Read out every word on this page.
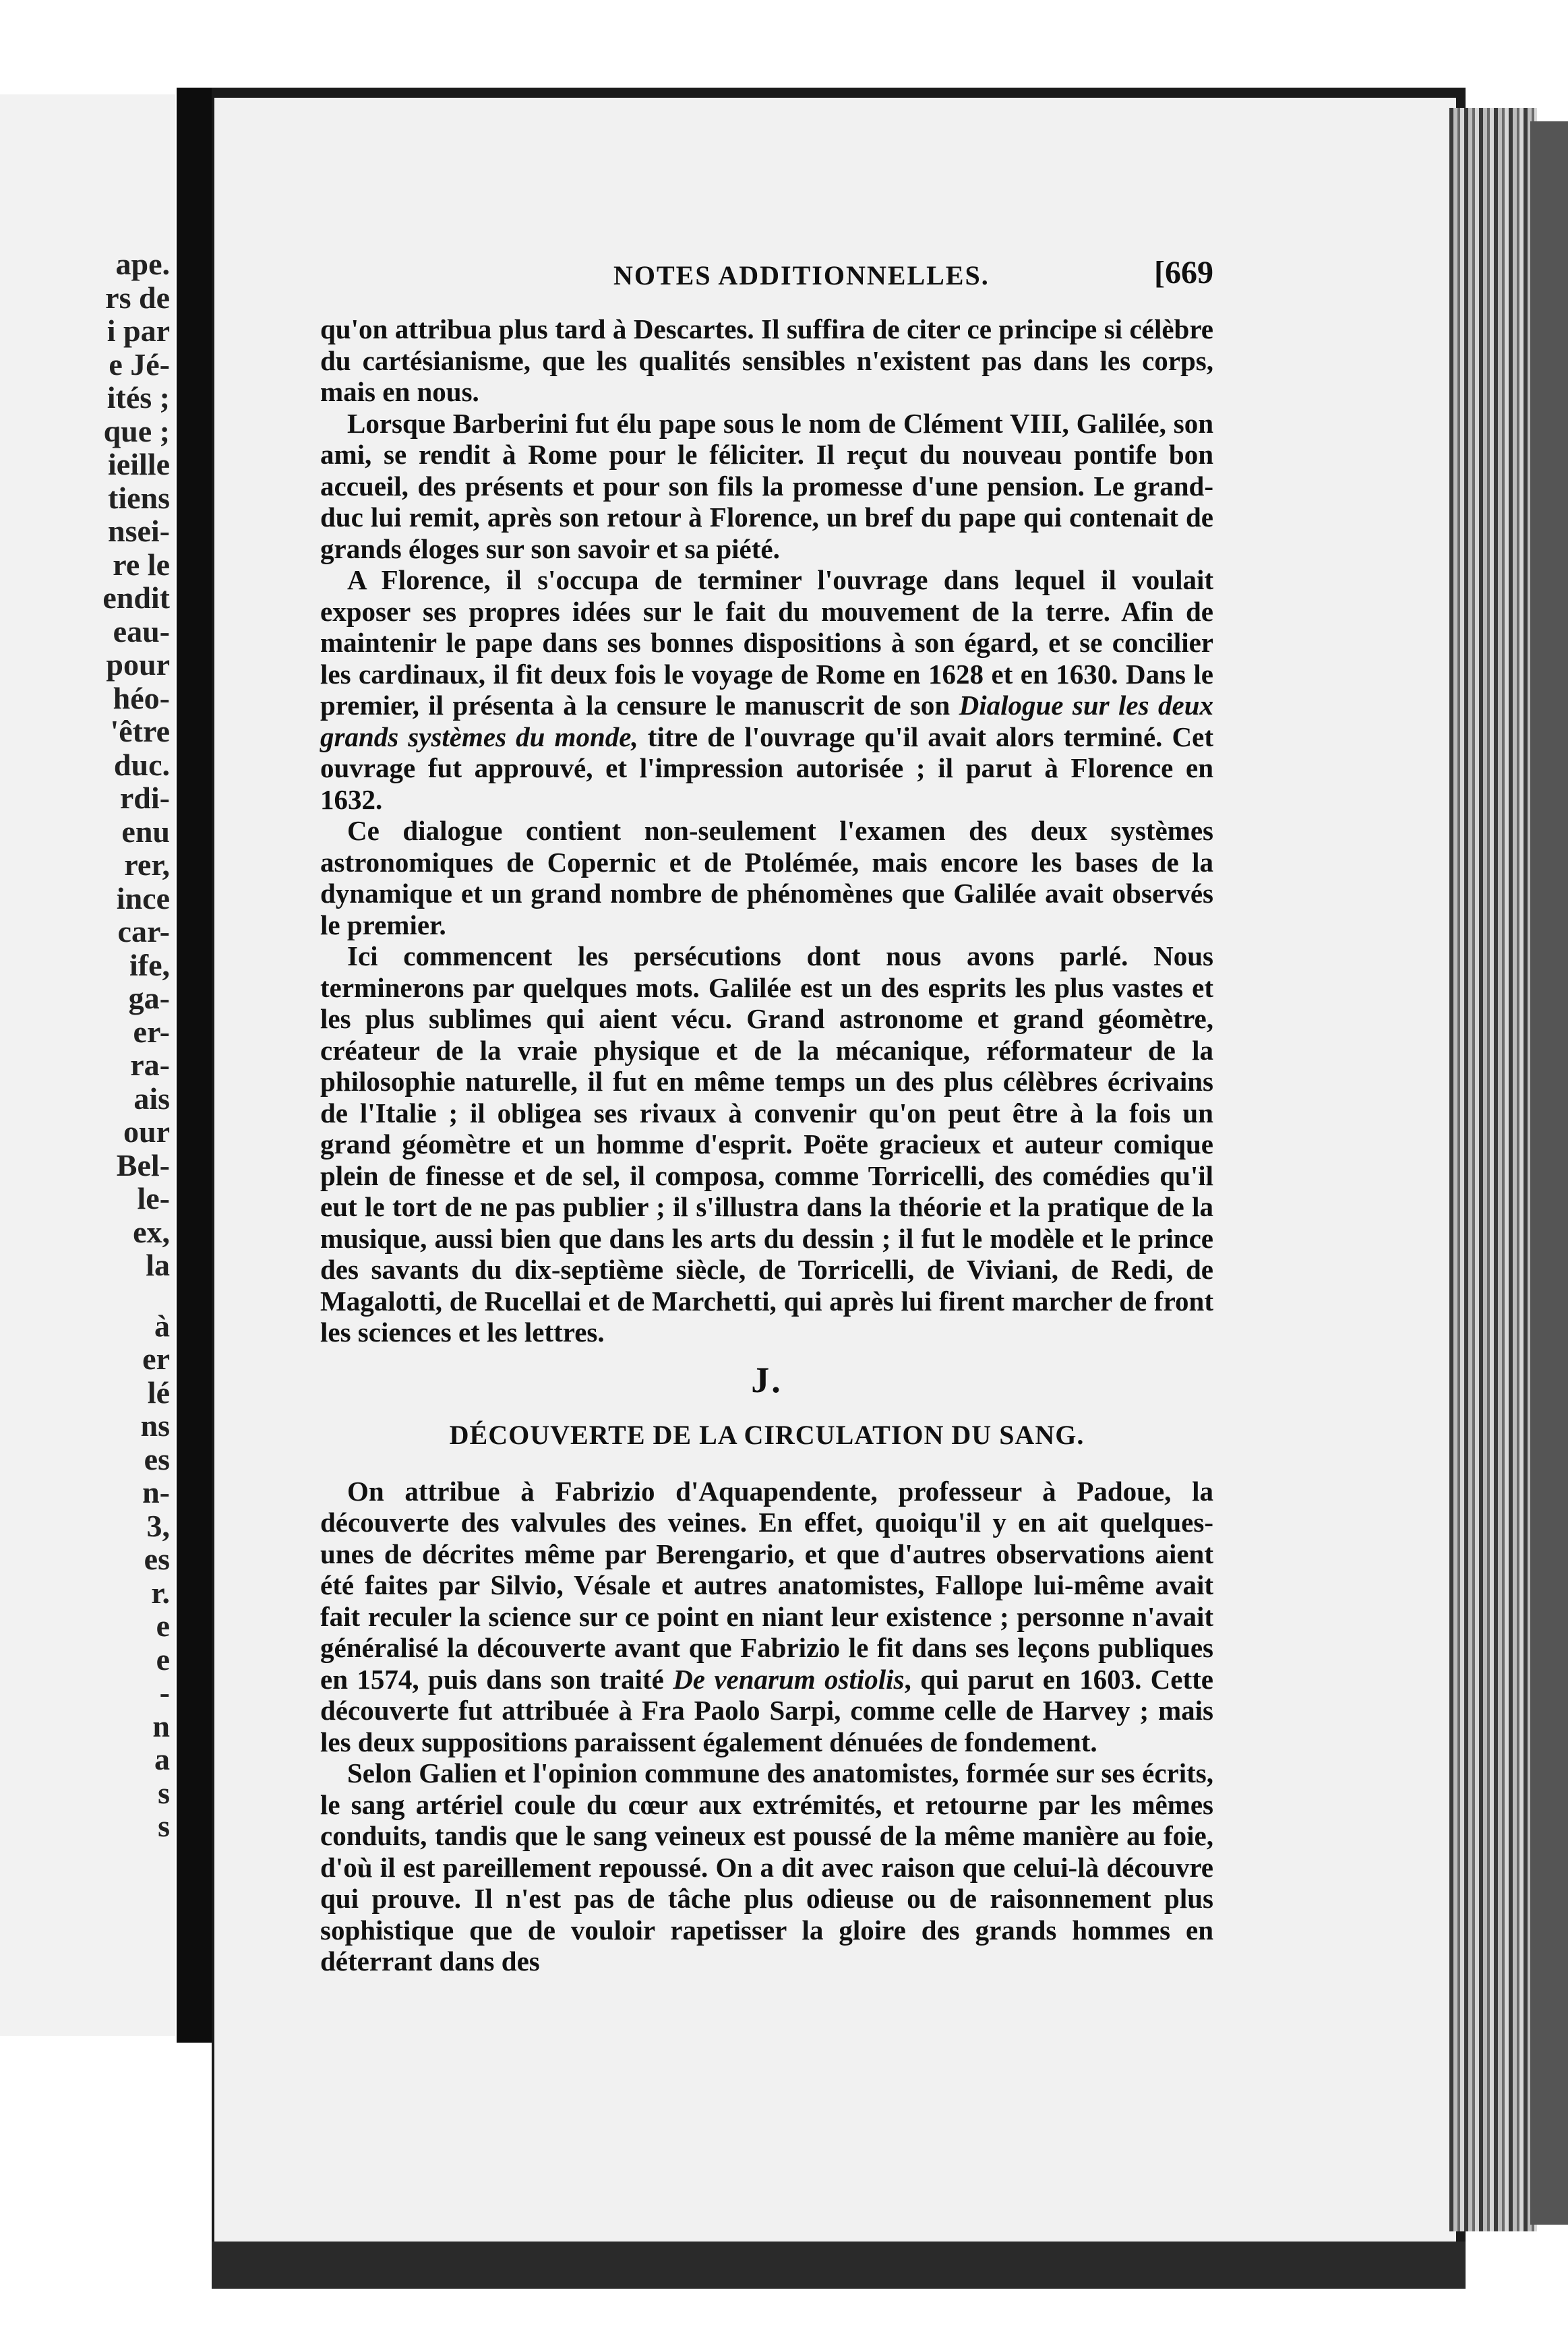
ape.
rs de
i par
e Jé-
ités ;
que ;
ieille
tiens
nsei-
re le
endit
eau-
pour
héo-
'être
duc.
rdi-
enu
rer,
ince
car-
ife,
ga-
er-
ra-
ais
our
Bel-
le-
ex,
la
à
er
lé
ns
es
n-
3,
es
r.
e
e
-
n
a
s
s
NOTES ADDITIONNELLES.	[669

qu'on attribua plus tard à Descartes. Il suffira de citer ce principe si célèbre du cartésianisme, que les qualités sensibles n'existent pas dans les corps, mais en nous.

Lorsque Barberini fut élu pape sous le nom de Clément VIII, Galilée, son ami, se rendit à Rome pour le féliciter. Il reçut du nouveau pontife bon accueil, des présents et pour son fils la promesse d'une pension. Le grand-duc lui remit, après son retour à Florence, un bref du pape qui contenait de grands éloges sur son savoir et sa piété.

A Florence, il s'occupa de terminer l'ouvrage dans lequel il voulait exposer ses propres idées sur le fait du mouvement de la terre. Afin de maintenir le pape dans ses bonnes dispositions à son égard, et se concilier les cardinaux, il fit deux fois le voyage de Rome en 1628 et en 1630. Dans le premier, il présenta à la censure le manuscrit de son Dialogue sur les deux grands systèmes du monde, titre de l'ouvrage qu'il avait alors terminé. Cet ouvrage fut approuvé, et l'impression autorisée ; il parut à Florence en 1632.

Ce dialogue contient non-seulement l'examen des deux systèmes astronomiques de Copernic et de Ptolémée, mais encore les bases de la dynamique et un grand nombre de phénomènes que Galilée avait observés le premier.

Ici commencent les persécutions dont nous avons parlé. Nous terminerons par quelques mots. Galilée est un des esprits les plus vastes et les plus sublimes qui aient vécu. Grand astronome et grand géomètre, créateur de la vraie physique et de la mécanique, réformateur de la philosophie naturelle, il fut en même temps un des plus célèbres écrivains de l'Italie ; il obligea ses rivaux à convenir qu'on peut être à la fois un grand géomètre et un homme d'esprit. Poëte gracieux et auteur comique plein de finesse et de sel, il composa, comme Torricelli, des comédies qu'il eut le tort de ne pas publier ; il s'illustra dans la théorie et la pratique de la musique, aussi bien que dans les arts du dessin ; il fut le modèle et le prince des savants du dix-septième siècle, de Torricelli, de Viviani, de Redi, de Magalotti, de Rucellai et de Marchetti, qui après lui firent marcher de front les sciences et les lettres.

J.
DÉCOUVERTE DE LA CIRCULATION DU SANG.

On attribue à Fabrizio d'Aquapendente, professeur à Padoue, la découverte des valvules des veines. En effet, quoiqu'il y en ait quelques-unes de décrites même par Berengario, et que d'autres observations aient été faites par Silvio, Vésale et autres anatomistes, Fallope lui-même avait fait reculer la science sur ce point en niant leur existence ; personne n'avait généralisé la découverte avant que Fabrizio le fit dans ses leçons publiques en 1574, puis dans son traité De venarum ostiolis, qui parut en 1603. Cette découverte fut attribuée à Fra Paolo Sarpi, comme celle de Harvey ; mais les deux suppositions paraissent également dénuées de fondement.

Selon Galien et l'opinion commune des anatomistes, formée sur ses écrits, le sang artériel coule du cœur aux extrémités, et retourne par les mêmes conduits, tandis que le sang veineux est poussé de la même manière au foie, d'où il est pareillement repoussé. On a dit avec raison que celui-là découvre qui prouve. Il n'est pas de tâche plus odieuse ou de raisonnement plus sophistique que de vouloir rapetisser la gloire des grands hommes en déterrant dans des
